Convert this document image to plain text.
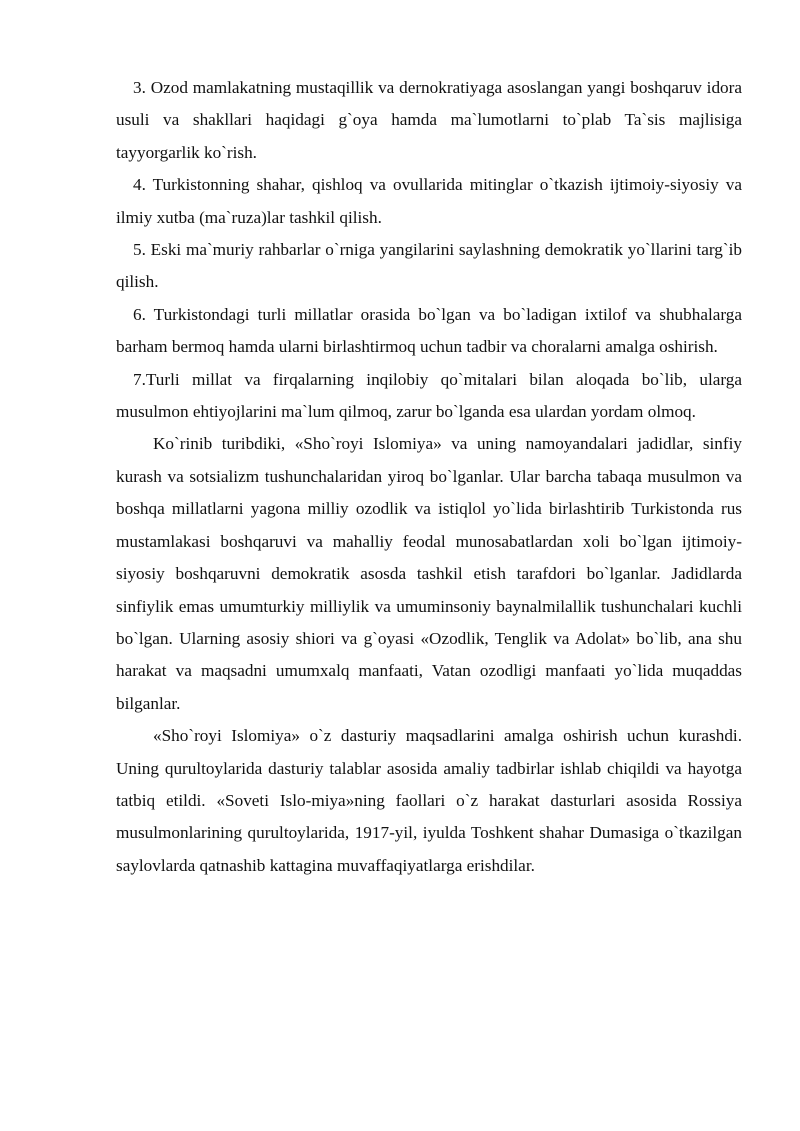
3. Ozod mamlakatning mustaqillik va dernokratiyaga asoslangan yangi boshqaruv idora usuli va shakllari haqidagi g`oya hamda ma`lumotlarni to`plab Ta`sis majlisiga tayyorgarlik ko`rish.

4. Turkistonning shahar, qishloq va ovullarida mitinglar o`tkazish ijtimoiy-siyosiy va ilmiy xutba (ma`ruza)lar tashkil qilish.

5. Eski ma`muriy rahbarlar o`rniga yangilarini saylashning demokratik yo`llarini targ`ib qilish.

6. Turkistondagi turli millatlar orasida bo`lgan va bo`ladigan ixtilof va shubhalarga barham bermoq hamda ularni birlashtirmoq uchun tadbir va choralarni amalga oshirish.

7.Turli millat va firqalarning inqilobiy qo`mitalari bilan aloqada bo`lib, ularga musulmon ehtiyojlarini ma`lum qilmoq, zarur bo`lganda esa ulardan yordam olmoq.

Ko`rinib turibdiki, «Sho`royi Islomiya» va uning namoyandalari jadidlar, sinfiy kurash va sotsializm tushunchalaridan yiroq bo`lganlar. Ular barcha tabaqa musulmon va boshqa millatlarni yagona milliy ozodlik va istiqlol yo`lida birlashtirib Turkistonda rus mustamlakasi boshqaruvi va mahalliy feodal munosabatlardan xoli bo`lgan ijtimoiy-siyosiy boshqaruvni demokratik asosda tashkil etish tarafdori bo`lganlar. Jadidlarda sinfiylik emas umumturkiy milliylik va umuminsoniy baynalmilallik tushunchalari kuchli bo`lgan. Ularning asosiy shiori va g`oyasi «Ozodlik, Tenglik va Adolat» bo`lib, ana shu harakat va maqsadni umumxalq manfaati, Vatan ozodligi manfaati yo`lida muqaddas bilganlar.

«Sho`royi Islomiya» o`z dasturiy maqsadlarini amalga oshirish uchun kurashdi. Uning qurultoylarida dasturiy talablar asosida amaliy tadbirlar ishlab chiqildi va hayotga tatbiq etildi. «Soveti Islo-miya»ning faollari o`z harakat dasturlari asosida Rossiya musulmonlarining qurultoylarida, 1917-yil, iyulda Toshkent shahar Dumasiga o`tkazilgan saylovlarda qatnashib kattagina muvaffaqiyatlarga erishdilar.
